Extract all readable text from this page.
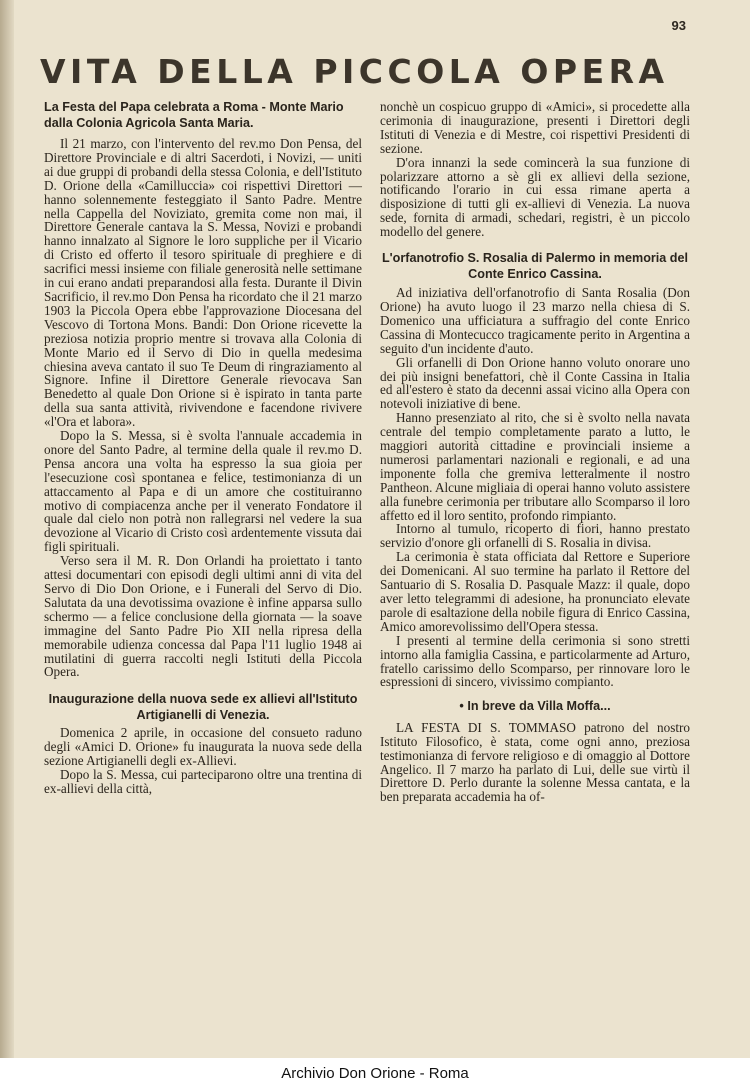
93
VITA DELLA PICCOLA OPERA
La Festa del Papa celebrata a Roma - Monte Mario dalla Colonia Agricola Santa Maria.

Il 21 marzo, con l'intervento del rev.mo Don Pensa, del Direttore Provinciale e di altri Sacerdoti, i Novizi, — uniti ai due gruppi di probandi della stessa Colonia, e dell'Istituto D. Orione della «Camilluccia» coi rispettivi Direttori — hanno solennemente festeggiato il Santo Padre. Mentre nella Cappella del Noviziato, gremita come non mai, il Direttore Generale cantava la S. Messa, Novizi e probandi hanno innalzato al Signore le loro suppliche per il Vicario di Cristo ed offerto il tesoro spirituale di preghiere e di sacrifici messi insieme con filiale generosità nelle settimane in cui erano andati preparandosi alla festa. Durante il Divin Sacrificio, il rev.mo Don Pensa ha ricordato che il 21 marzo 1903 la Piccola Opera ebbe l'approvazione Diocesana del Vescovo di Tortona Mons. Bandi: Don Orione ricevette la preziosa notizia proprio mentre si trovava alla Colonia di Monte Mario ed il Servo di Dio in quella medesima chiesina aveva cantato il suo Te Deum di ringraziamento al Signore. Infine il Direttore Generale rievocava San Benedetto al quale Don Orione si è ispirato in tanta parte della sua santa attività, rivivendone e facendone rivivere «l'Ora et labora».

Dopo la S. Messa, si è svolta l'annuale accademia in onore del Santo Padre, al termine della quale il rev.mo D. Pensa ancora una volta ha espresso la sua gioia per l'esecuzione così spontanea e felice, testimonianza di un attaccamento al Papa e di un amore che costituiranno motivo di compiacenza anche per il venerato Fondatore il quale dal cielo non potrà non rallegrarsi nel vedere la sua devozione al Vicario di Cristo così ardentemente vissuta dai figli spirituali.

Verso sera il M. R. Don Orlandi ha proiettato i tanto attesi documentari con episodi degli ultimi anni di vita del Servo di Dio Don Orione, e i Funerali del Servo di Dio. Salutata da una devotissima ovazione è infine apparsa sullo schermo — a felice conclusione della giornata — la soave immagine del Santo Padre Pio XII nella ripresa della memorabile udienza concessa dal Papa l'11 luglio 1948 ai mutilatini di guerra raccolti negli Istituti della Piccola Opera.

Inaugurazione della nuova sede ex allievi all'Istituto Artigianelli di Venezia.

Domenica 2 aprile, in occasione del consueto raduno degli «Amici D. Orione» fu inaugurata la nuova sede della sezione Artigianelli degli ex-Allievi.

Dopo la S. Messa, cui parteciparono oltre una trentina di ex-allievi della città,

nonchè un cospicuo gruppo di «Amici», si procedette alla cerimonia di inaugurazione, presenti i Direttori degli Istituti di Venezia e di Mestre, coi rispettivi Presidenti di sezione.

D'ora innanzi la sede comincerà la sua funzione di polarizzare attorno a sè gli ex allievi della sezione, notificando l'orario in cui essa rimane aperta a disposizione di tutti gli ex-allievi di Venezia. La nuova sede, fornita di armadi, schedari, registri, è un piccolo modello del genere.

L'orfanotrofio S. Rosalia di Palermo in memoria del Conte Enrico Cassina.

Ad iniziativa dell'orfanotrofio di Santa Rosalia (Don Orione) ha avuto luogo il 23 marzo nella chiesa di S. Domenico una ufficiatura a suffragio del conte Enrico Cassina di Montecucco tragicamente perito in Argentina a seguito d'un incidente d'auto.

Gli orfanelli di Don Orione hanno voluto onorare uno dei più insigni benefattori, chè il Conte Cassina in Italia ed all'estero è stato da decenni assai vicino alla Opera con notevoli iniziative di bene.

Hanno presenziato al rito, che si è svolto nella navata centrale del tempio completamente parato a lutto, le maggiori autorità cittadine e provinciali insieme a numerosi parlamentari nazionali e regionali, e ad una imponente folla che gremiva letteralmente il nostro Pantheon. Alcune migliaia di operai hanno voluto assistere alla funebre cerimonia per tributare allo Scomparso il loro affetto ed il loro sentito, profondo rimpianto.

Intorno al tumulo, ricoperto di fiori, hanno prestato servizio d'onore gli orfanelli di S. Rosalia in divisa.

La cerimonia è stata officiata dal Rettore e Superiore dei Domenicani. Al suo termine ha parlato il Rettore del Santuario di S. Rosalia D. Pasquale Mazz: il quale, dopo aver letto telegrammi di adesione, ha pronunciato elevate parole di esaltazione della nobile figura di Enrico Cassina, Amico amorevolissimo dell'Opera stessa.

I presenti al termine della cerimonia si sono stretti intorno alla famiglia Cassina, e particolarmente ad Arturo, fratello carissimo dello Scomparso, per rinnovare loro le espressioni di sincero, vivissimo compianto.

• In breve da Villa Moffa...

LA FESTA DI S. TOMMASO patrono del nostro Istituto Filosofico, è stata, come ogni anno, preziosa testimonianza di fervore religioso e di omaggio al Dottore Angelico. Il 7 marzo ha parlato di Lui, delle sue virtù il Direttore D. Perlo durante la solenne Messa cantata, e la ben preparata accademia ha of-

Archivio Don Orione - Roma
